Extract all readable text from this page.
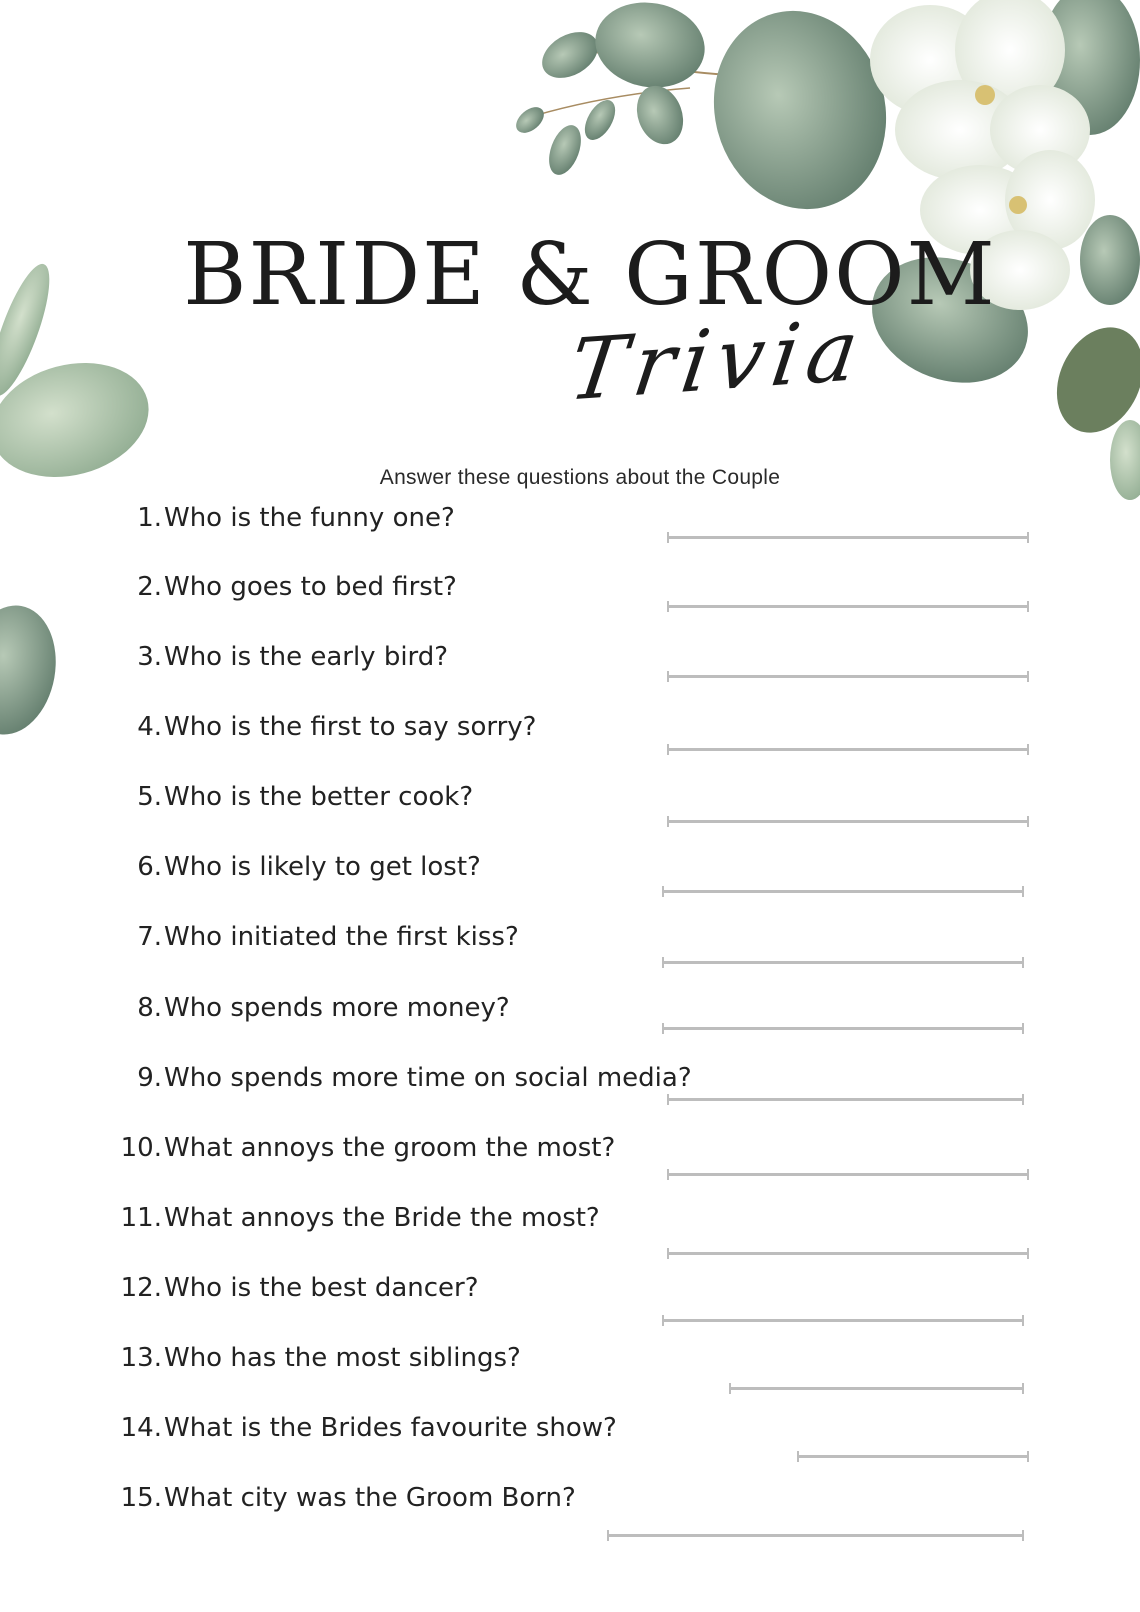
BRIDE & GROOM
Trivia
Answer these questions about the Couple
1. Who is the funny one?
2. Who goes to bed first?
3. Who is the early bird?
4. Who is the first to say sorry?
5. Who is the better cook?
6. Who is likely to get lost?
7. Who initiated the first kiss?
8. Who spends more money?
9. Who spends more time on social media?
10. What annoys the groom the most?
11. What annoys the Bride the most?
12. Who is the best dancer?
13. Who has the most siblings?
14. What is the Brides favourite show?
15. What city was the Groom Born?
